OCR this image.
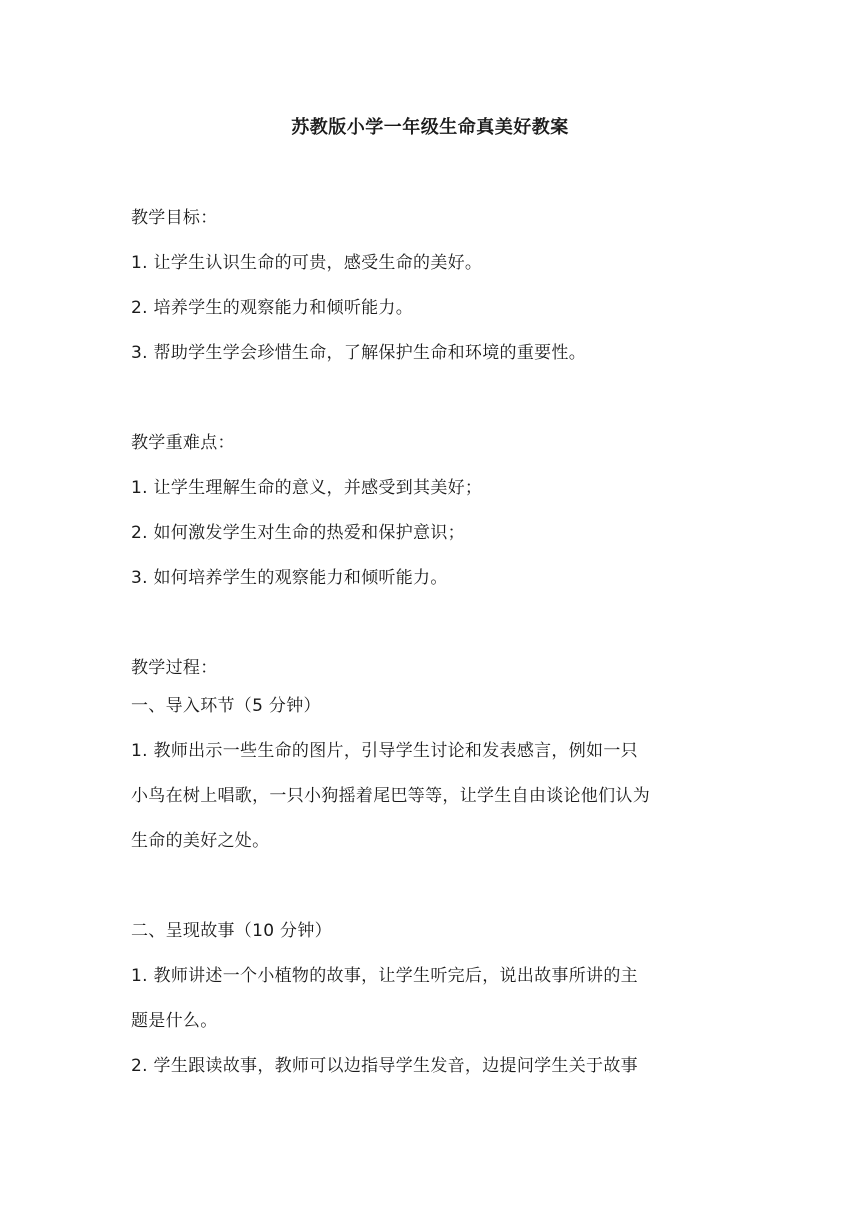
苏教版小学一年级生命真美好教案
教学目标：
1. 让学生认识生命的可贵，感受生命的美好。
2. 培养学生的观察能力和倾听能力。
3. 帮助学生学会珍惜生命，了解保护生命和环境的重要性。
教学重难点：
1. 让学生理解生命的意义，并感受到其美好；
2. 如何激发学生对生命的热爱和保护意识；
3. 如何培养学生的观察能力和倾听能力。
教学过程：
一、导入环节（5 分钟）
1. 教师出示一些生命的图片，引导学生讨论和发表感言，例如一只
小鸟在树上唱歌，一只小狗摇着尾巴等等，让学生自由谈论他们认为
生命的美好之处。
二、呈现故事（10 分钟）
1. 教师讲述一个小植物的故事，让学生听完后，说出故事所讲的主
题是什么。
2. 学生跟读故事，教师可以边指导学生发音，边提问学生关于故事
